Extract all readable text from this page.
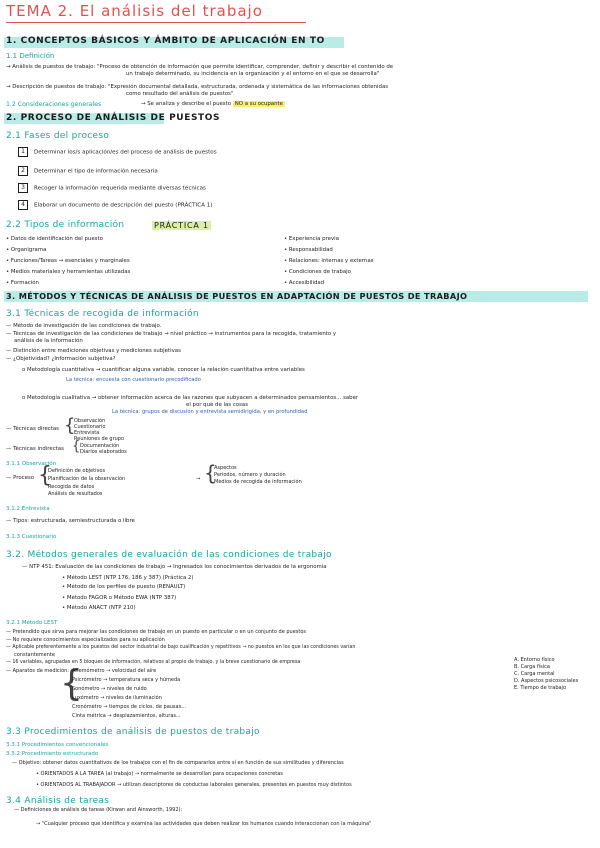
TEMA 2. El análisis del trabajo
1. CONCEPTOS BÁSICOS Y ÁMBITO DE APLICACIÓN EN TO
1.1 Definición
→ Análisis de puestos de trabajo: "Proceso de obtención de información que permite identificar, comprender, definir y describir el contenido de
un trabajo determinado, su incidencia en la organización y el entorno en el que se desarrolla"
→ Descripción de puestos de trabajo: "Expresión documental detallada, estructurada, ordenada y sistemática de las informaciones obtenidas
como resultado del análisis de puestos"
1.2 Consideraciones generales	→ Se analiza y describe el puesto NO a su ocupante
2. PROCESO DE ANÁLISIS DE PUESTOS
2.1 Fases del proceso
1 Determinar los/s aplicación/es del proceso de análisis de puestos
2 Determinar el tipo de información necesaria
3 Recoger la información requerida mediante diversas técnicas
4 Elaborar un documento de descripción del puesto (PRÁCTICA 1)
2.2 Tipos de información	PRÁCTICA 1
• Datos de identificación del puesto
• Organigrama
• Funciones/Tareas → esenciales y marginales
• Medios materiales y herramientas utilizadas
• Formación
• Experiencia previa
• Responsabilidad
• Relaciones: internas y externas
• Condiciones de trabajo
• Accesibilidad
3. MÉTODOS Y TÉCNICAS DE ANÁLISIS DE PUESTOS EN ADAPTACIÓN DE PUESTOS DE TRABAJO
3.1 Técnicas de recogida de información
— Método de investigación de las condiciones de trabajo.
— Técnicas de investigación de las condiciones de trabajo → nivel práctico → instrumentos para la recogida, tratamiento y
análisis de la información
— Distinción entre mediciones objetivas y mediciones subjetivas
— ¿Objetividad? ¿Información subjetiva?
o Metodología cuantitativa → cuantificar alguna variable, conocer la relación cuantitativa entre variables
La técnica: encuesta con cuestionario precodificado
o Metodología cualitativa → obtener información acerca de las razones que subyacen a determinados pensamientos... saber
el por qué de las cosas
La técnica: grupos de discusión y entrevista semidirigida, y en profundidad
— Técnicas directas {
Observación
Cuestionario
Entrevista
Reuniones de grupo
— Técnicas indirectas { Documentación
Diarios elaborados
3.1.1 Observación
— Proceso {
Definición de objetivos
Planificación de la observación
Recogida de datos
Análisis de resultados
→ {
Aspectos
Periodos, número y duración
Medios de recogida de información
3.1.2 Entrevista
— Tipos: estructurada, semiestructurada o libre
3.1.3 Cuestionario
3.2. Métodos generales de evaluación de las condiciones de trabajo
— NTP 451: Evaluación de las condiciones de trabajo → Ingresados los conocimientos derivados de la ergonomía
• Método LEST (NTP 176, 186 y 387) (Práctica 2)
• Método de los perfiles de puesto (RENAULT)
• Método FAGOR o Método EWA (NTP 387)
• Método ANACT (NTP 210)
3.2.1 Método LEST
— Pretendido que sirva para mejorar las condiciones de trabajo en un puesto en particular o en un conjunto de puestos
— No requiere conocimientos especializados para su aplicación
— Aplicable preferentemente a los puestos del sector industrial de bajo cualificación y repetitivos → no puestos en los que las condiciones varían
constantemente
— 16 variables, agrupadas en 5 bloques de información, relativos al propio de trabajo, y la breve cuestionario de empresa
— Aparatos de medición:
{
Anemómetro → velocidad del aire
Psicrómetro → temperatura seca y húmeda
Sonómetro → niveles de ruido
Luxómetro → niveles de iluminación
Cronómetro → tiempos de ciclos, de pausas...
Cinta métrica → desplazamientos, alturas...
A. Entorno físico
B. Carga física
C. Carga mental
D. Aspectos psicosociales
E. Tiempo de trabajo
3.3 Procedimientos de análisis de puestos de trabajo
3.3.1 Procedimientos convencionales
3.3.2 Procedimiento estructurado
— Objetivo: obtener datos cuantitativos de los trabajos con el fin de compararlos entre sí en función de sus similitudes y diferencias
• ORIENTADOS A LA TAREA (al trabajo) → normalmente se desarrollan para ocupaciones concretas
• ORIENTADOS AL TRABAJADOR → utilizan descriptores de conductas laborales generales, presentes en puestos muy distintos
3.4 Análisis de tareas
— Definiciones de análisis de tareas (Kirwan and Ainsworth, 1992):
→ "Cualquier proceso que identifica y examina las actividades que deben realizar los humanos cuando interaccionan con la máquina"
